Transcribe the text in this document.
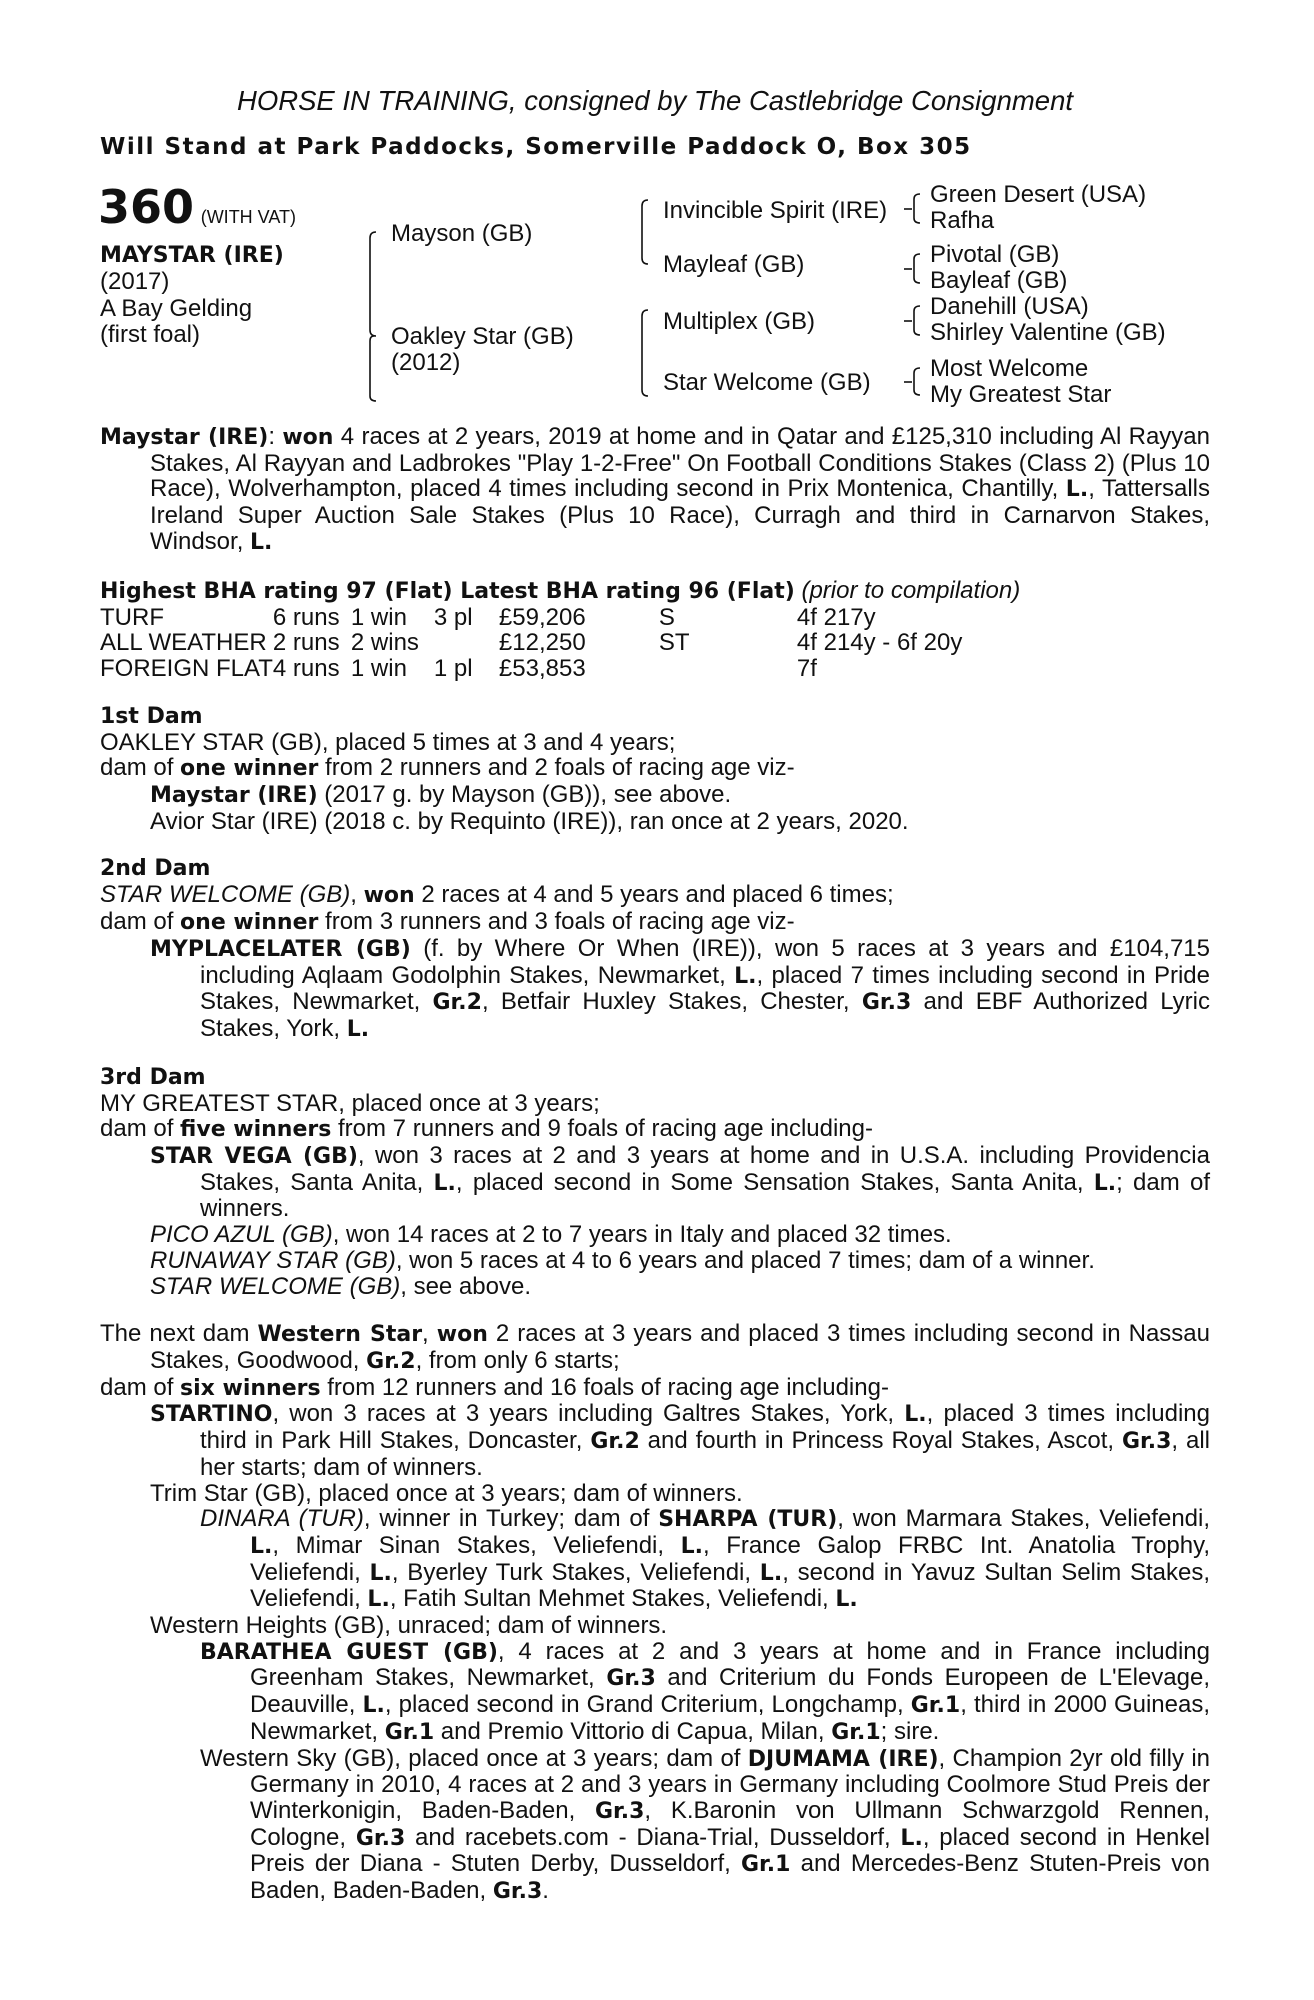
HORSE IN TRAINING, consigned by The Castlebridge Consignment
Will Stand at Park Paddocks, Somerville Paddock O, Box 305
360 (WITH VAT)
MAYSTAR (IRE)
(2017)
A Bay Gelding
(first foal)
Mayson (GB)
Oakley Star (GB)
(2012)
Invincible Spirit (IRE)
Mayleaf (GB)
Multiplex (GB)
Star Welcome (GB)
Green Desert (USA)
Rafha
Pivotal (GB)
Bayleaf (GB)
Danehill (USA)
Shirley Valentine (GB)
Most Welcome
My Greatest Star
Maystar (IRE): won 4 races at 2 years, 2019 at home and in Qatar and £125,310 including Al Rayyan Stakes, Al Rayyan and Ladbrokes "Play 1-2-Free" On Football Conditions Stakes (Class 2) (Plus 10 Race), Wolverhampton, placed 4 times including second in Prix Montenica, Chantilly, L., Tattersalls Ireland Super Auction Sale Stakes (Plus 10 Race), Curragh and third in Carnarvon Stakes, Windsor, L.
Highest BHA rating 97 (Flat) Latest BHA rating 96 (Flat) (prior to compilation)
TURF	6 runs	1 win	3 pl	£59,206	S	4f 217y
ALL WEATHER	2 runs	2 wins		£12,250	ST	4f 214y - 6f 20y
FOREIGN FLAT	4 runs	1 win	1 pl	£53,853		7f
1st Dam
OAKLEY STAR (GB), placed 5 times at 3 and 4 years;
dam of one winner from 2 runners and 2 foals of racing age viz-
Maystar (IRE) (2017 g. by Mayson (GB)), see above.
Avior Star (IRE) (2018 c. by Requinto (IRE)), ran once at 2 years, 2020.
2nd Dam
STAR WELCOME (GB), won 2 races at 4 and 5 years and placed 6 times;
dam of one winner from 3 runners and 3 foals of racing age viz-
MYPLACELATER (GB) (f. by Where Or When (IRE)), won 5 races at 3 years and £104,715 including Aqlaam Godolphin Stakes, Newmarket, L., placed 7 times including second in Pride Stakes, Newmarket, Gr.2, Betfair Huxley Stakes, Chester, Gr.3 and EBF Authorized Lyric Stakes, York, L.
3rd Dam
MY GREATEST STAR, placed once at 3 years;
dam of five winners from 7 runners and 9 foals of racing age including-
STAR VEGA (GB), won 3 races at 2 and 3 years at home and in U.S.A. including Providencia Stakes, Santa Anita, L., placed second in Some Sensation Stakes, Santa Anita, L.; dam of winners.
PICO AZUL (GB), won 14 races at 2 to 7 years in Italy and placed 32 times.
RUNAWAY STAR (GB), won 5 races at 4 to 6 years and placed 7 times; dam of a winner.
STAR WELCOME (GB), see above.
The next dam Western Star, won 2 races at 3 years and placed 3 times including second in Nassau Stakes, Goodwood, Gr.2, from only 6 starts;
dam of six winners from 12 runners and 16 foals of racing age including-
STARTINO, won 3 races at 3 years including Galtres Stakes, York, L., placed 3 times including third in Park Hill Stakes, Doncaster, Gr.2 and fourth in Princess Royal Stakes, Ascot, Gr.3, all her starts; dam of winners.
Trim Star (GB), placed once at 3 years; dam of winners.
DINARA (TUR), winner in Turkey; dam of SHARPA (TUR), won Marmara Stakes, Veliefendi, L., Mimar Sinan Stakes, Veliefendi, L., France Galop FRBC Int. Anatolia Trophy, Veliefendi, L., Byerley Turk Stakes, Veliefendi, L., second in Yavuz Sultan Selim Stakes, Veliefendi, L., Fatih Sultan Mehmet Stakes, Veliefendi, L.
Western Heights (GB), unraced; dam of winners.
BARATHEA GUEST (GB), 4 races at 2 and 3 years at home and in France including Greenham Stakes, Newmarket, Gr.3 and Criterium du Fonds Europeen de L'Elevage, Deauville, L., placed second in Grand Criterium, Longchamp, Gr.1, third in 2000 Guineas, Newmarket, Gr.1 and Premio Vittorio di Capua, Milan, Gr.1; sire.
Western Sky (GB), placed once at 3 years; dam of DJUMAMA (IRE), Champion 2yr old filly in Germany in 2010, 4 races at 2 and 3 years in Germany including Coolmore Stud Preis der Winterkonigin, Baden-Baden, Gr.3, K.Baronin von Ullmann Schwarzgold Rennen, Cologne, Gr.3 and racebets.com - Diana-Trial, Dusseldorf, L., placed second in Henkel Preis der Diana - Stuten Derby, Dusseldorf, Gr.1 and Mercedes-Benz Stuten-Preis von Baden, Baden-Baden, Gr.3.
